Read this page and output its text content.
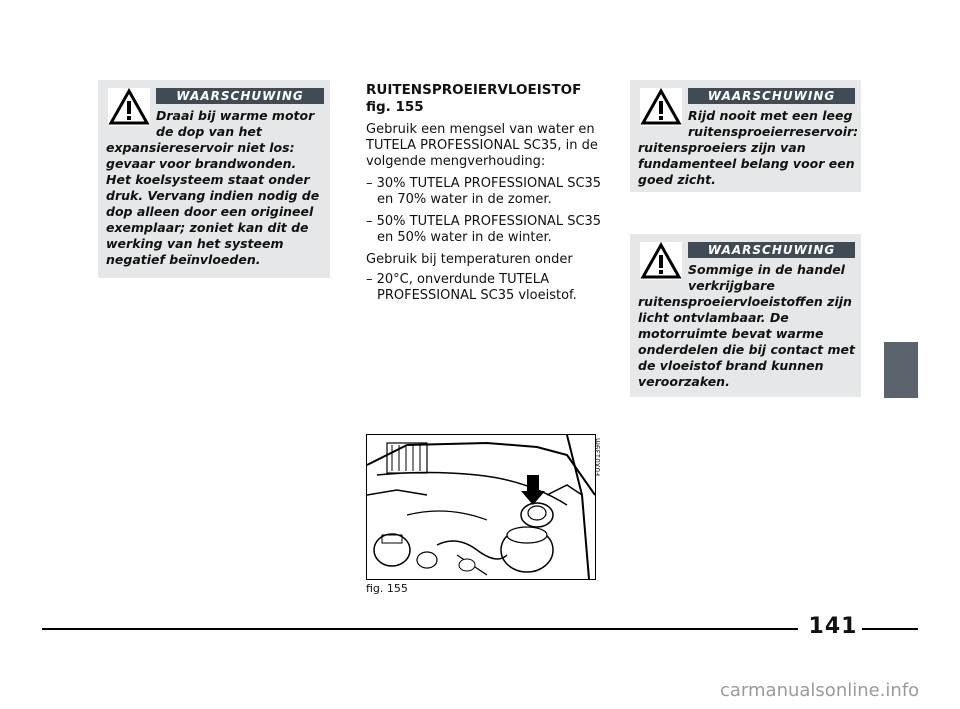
WAARSCHUWING
Draai bij warme motor
de dop van het
expansiereservoir niet los: gevaar voor brandwonden. Het koelsysteem staat onder druk. Vervang indien nodig de dop alleen door een origineel exemplaar; zoniet kan dit de werking van het systeem negatief beïnvloeden.
RUITENSPROEIERVLOEISTOF
fig. 155

Gebruik een mengsel van water en TUTELA PROFESSIONAL SC35, in de volgende mengverhouding:

– 30% TUTELA PROFESSIONAL SC35 en 70% water in de zomer.

– 50% TUTELA PROFESSIONAL SC35 en 50% water in de winter.

Gebruik bij temperaturen onder

– 20°C, onverdunde TUTELA PROFESSIONAL SC35 vloeistof.

F0X0139m
fig. 155
WAARSCHUWING
Rijd nooit met een leeg
ruitensproeierreservoir:
ruitensproeiers zijn van fundamenteel belang voor een goed zicht.
WAARSCHUWING
Sommige in de handel
verkrijgbare
ruitensproeiervloeistoffen zijn licht ontvlambaar. De motorruimte bevat warme onderdelen die bij contact met de vloeistof brand kunnen veroorzaken.
141
carmanualsonline.info
